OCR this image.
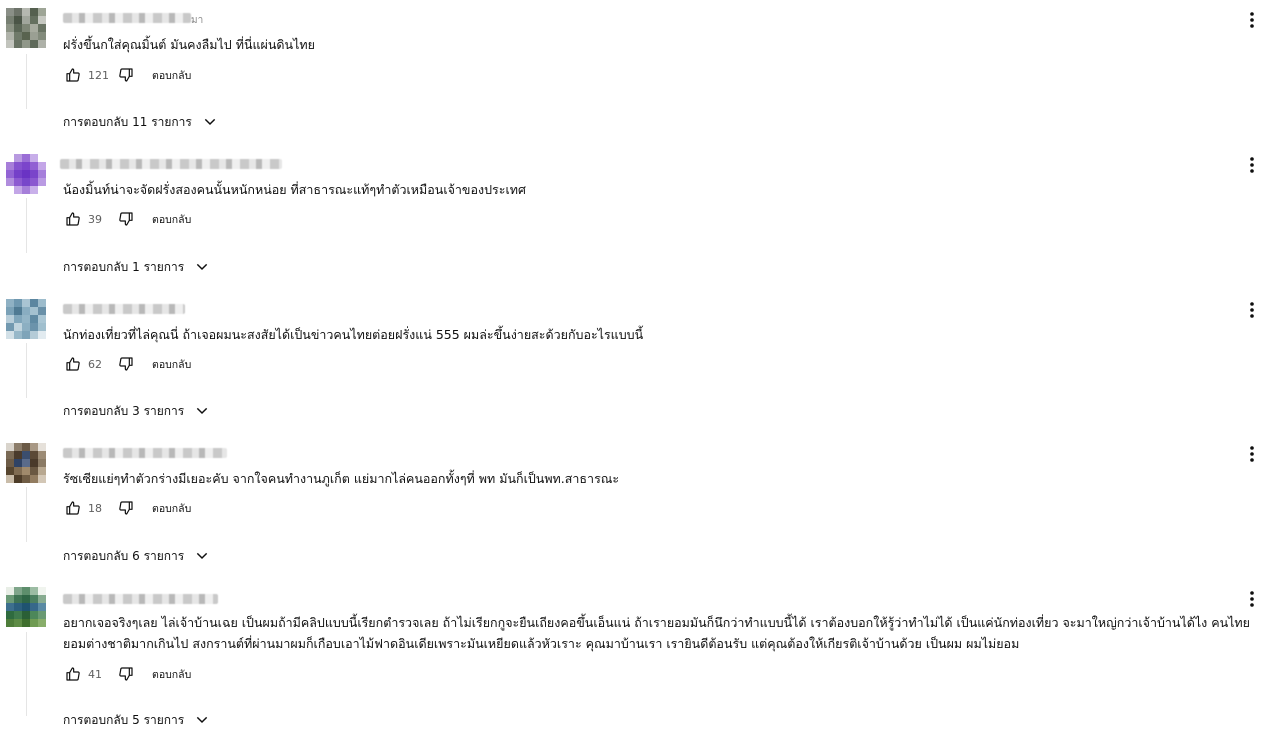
มา
ฝรั่งขึ้นกใส่คุณมิ้นต์ มันคงลืมไป ที่นี่แผ่นดินไทย
121	ตอบกลับ
การตอบกลับ 11 รายการ
น้องมิ้นท์น่าจะจัดฝรั่งสองคนนั้นหนักหน่อย ที่สาธารณะแท้ๆทำตัวเหมือนเจ้าของประเทศ
39	ตอบกลับ
การตอบกลับ 1 รายการ
นักท่องเที่ยวที่ไล่คุณนี่ ถ้าเจอผมนะสงสัยได้เป็นข่าวคนไทยต่อยฝรั่งแน่ 555 ผมล่ะขึ้นง่ายสะด้วยกับอะไรแบบนี้
62	ตอบกลับ
การตอบกลับ 3 รายการ
รัซเซียแย่ๆทำตัวกร่างมีเยอะคับ จากใจคนทำงานภูเก็ต แย่มากไล่คนออกทั้งๆที่ พท มันก็เป็นพท.สาธารณะ
18	ตอบกลับ
การตอบกลับ 6 รายการ
อยากเจอจริงๆเลย ไล่เจ้าบ้านเฉย เป็นผมถ้ามีคลิปแบบนี้เรียกตำรวจเลย ถ้าไม่เรียกกูจะยืนเถียงคอขึ้นเอ็นแน่ ถ้าเรายอมมันก็นึกว่าทำแบบนี้ได้ เราต้องบอกให้รู้ว่าทำไม่ได้ เป็นแค่นักท่องเที่ยว จะมาใหญ่กว่าเจ้าบ้านได้ไง คนไทยยอมต่างชาติมากเกินไป สงกรานต์ที่ผ่านมาผมก็เกือบเอาไม้ฟาดอินเดียเพราะมันเหยียดแล้วหัวเราะ คุณมาบ้านเรา เรายินดีต้อนรับ แต่คุณต้องให้เกียรติเจ้าบ้านด้วย เป็นผม ผมไม่ยอม
41	ตอบกลับ
การตอบกลับ 5 รายการ
